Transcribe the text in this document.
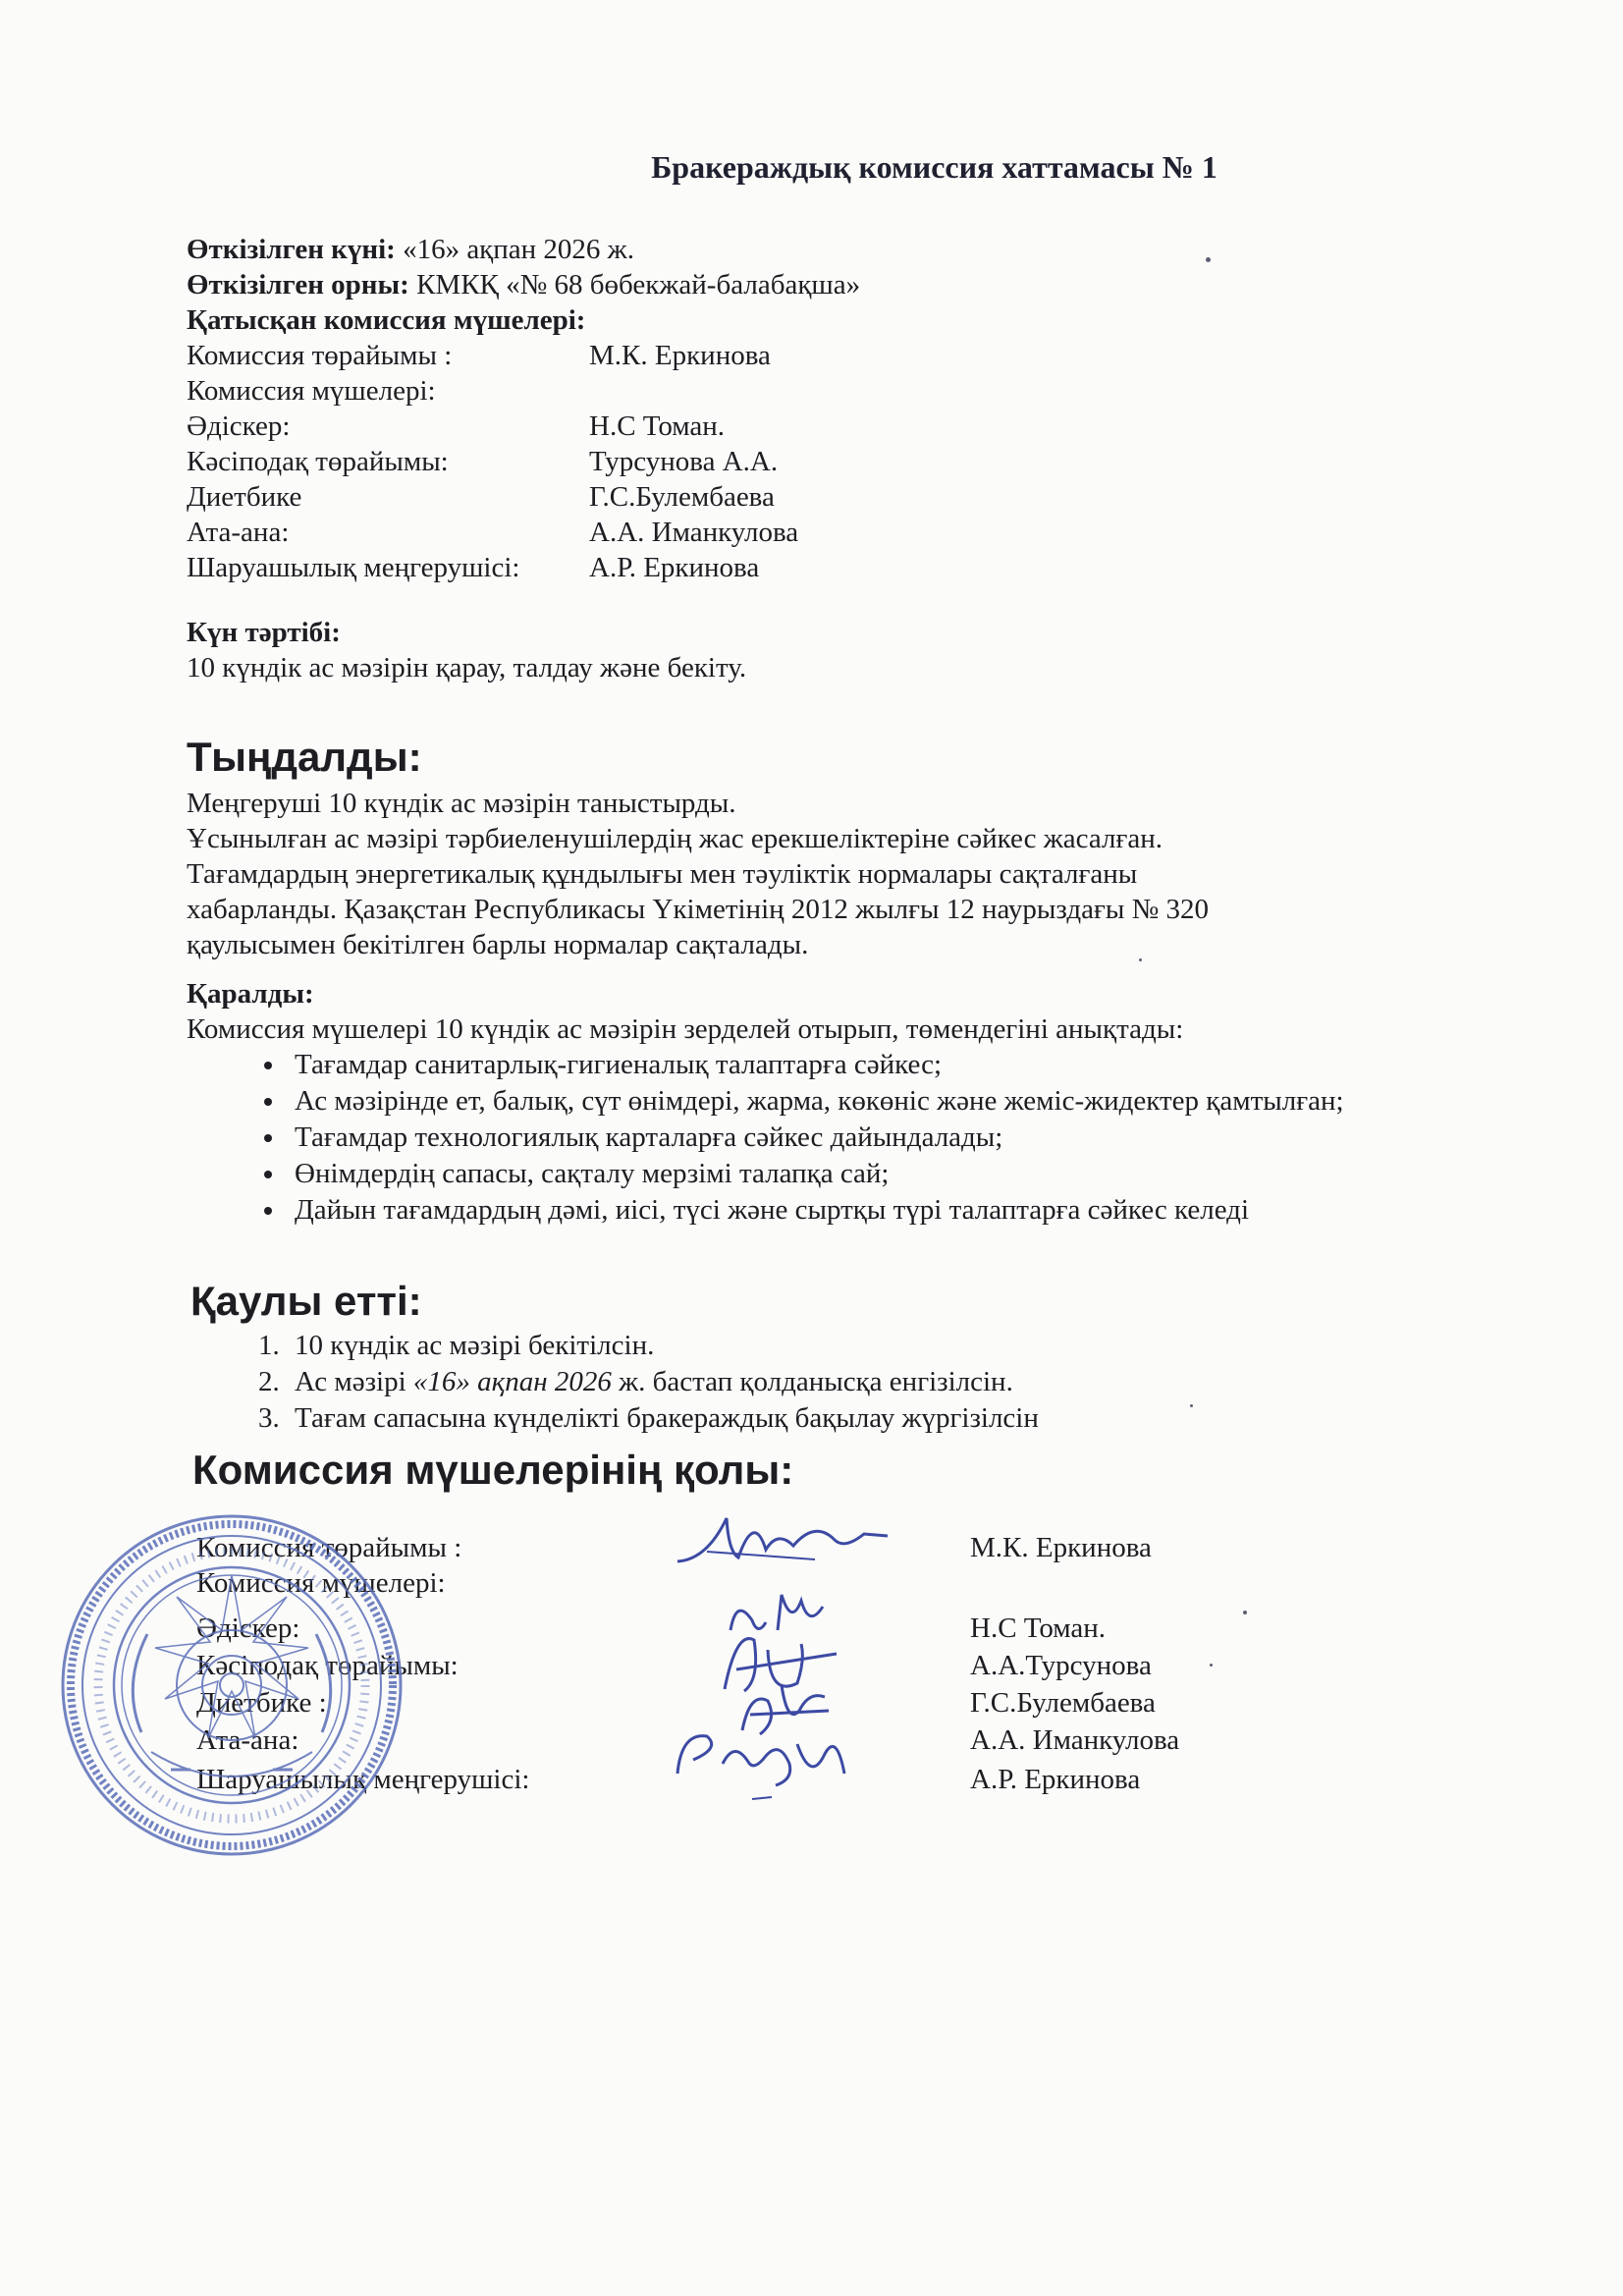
Бракераждық комиссия хаттамасы № 1
Өткізілген күні: «16» ақпан 2026 ж.
Өткізілген орны: КМКҚ «№ 68 бөбекжай-балабақша»
Қатысқан комиссия мүшелері:
Комиссия төрайымы :	М.К. Еркинова
Комиссия мүшелері:
Әдіскер:	Н.С Томан.
Кәсіподақ төрайымы:	Турсунова А.А.
Диетбике	Г.С.Булембаева
Ата-ана:	А.А. Иманкулова
Шаруашылық меңгерушісі: А.Р. Еркинова
Күн тәртібі:
10 күндік ас мәзірін қарау, талдау және бекіту.
Тыңдалды:
Меңгеруші 10 күндік ас мәзірін таныстырды.
Ұсынылған ас мәзірі тәрбиеленушілердің жас ерекшеліктеріне сәйкес жасалған.
Тағамдардың энергетикалық құндылығы мен тәуліктік нормалары сақталғаны
хабарланды. Қазақстан Республикасы Үкіметінің 2012 жылғы 12 наурыздағы № 320
қаулысымен бекітілген барлы нормалар сақталады.
Қаралды:
Комиссия мүшелері 10 күндік ас мәзірін зерделей отырып, төмендегіні анықтады:
• Тағамдар санитарлық-гигиеналық талаптарға сәйкес;
• Ас мәзірінде ет, балық, сүт өнімдері, жарма, көкөніс және жеміс-жидектер қамтылған;
• Тағамдар технологиялық карталарға сәйкес дайындалады;
• Өнімдердің сапасы, сақталу мерзімі талапқа сай;
• Дайын тағамдардың дәмі, иісі, түсі және сыртқы түрі талаптарға сәйкес келеді
Қаулы етті:
1. 10 күндік ас мәзірі бекітілсін.
2. Ас мәзірі «16» ақпан 2026 ж. бастап қолданысқа енгізілсін.
3. Тағам сапасына күнделікті бракераждық бақылау жүргізілсін
Комиссия мүшелерінің қолы:
Комиссия төрайымы :	М.К. Еркинова
Комиссия мүшелері:
Әдіскер:	Н.С Томан.
Кәсіподақ төрайымы:	А.А.Турсунова
Диетбике :	Г.С.Булембаева
Ата-ана:	А.А. Иманкулова
Шаруашылық меңгерушісі:	А.Р. Еркинова
